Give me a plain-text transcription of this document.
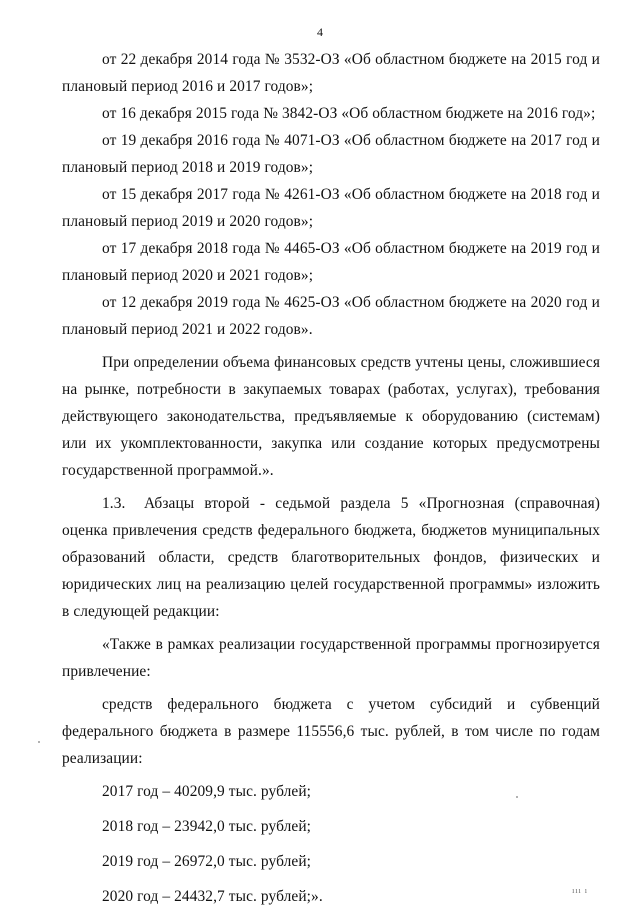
4

от 22 декабря 2014 года № 3532-ОЗ «Об областном бюджете на 2015 год и плановый период 2016 и 2017 годов»;

от 16 декабря 2015 года № 3842-ОЗ «Об областном бюджете на 2016 год»;

от 19 декабря 2016 года № 4071-ОЗ «Об областном бюджете на 2017 год и плановый период 2018 и 2019 годов»;

от 15 декабря 2017 года № 4261-ОЗ «Об областном бюджете на 2018 год и плановый период 2019 и 2020 годов»;

от 17 декабря 2018 года № 4465-ОЗ «Об областном бюджете на 2019 год и плановый период 2020 и 2021 годов»;

от 12 декабря 2019 года № 4625-ОЗ «Об областном бюджете на 2020 год и плановый период 2021 и 2022 годов».

При определении объема финансовых средств учтены цены, сложившиеся на рынке, потребности в закупаемых товарах (работах, услугах), требования действующего законодательства, предъявляемые к оборудованию (системам) или их укомплектованности, закупка или создание которых предусмотрены государственной программой.».

1.3. Абзацы второй - седьмой раздела 5 «Прогнозная (справочная) оценка привлечения средств федерального бюджета, бюджетов муниципальных образований области, средств благотворительных фондов, физических и юридических лиц на реализацию целей государственной программы» изложить в следующей редакции:

«Также в рамках реализации государственной программы прогнозируется привлечение:

средств федерального бюджета с учетом субсидий и субвенций федерального бюджета в размере 115556,6 тыс. рублей, в том числе по годам реализации:

2017 год – 40209,9 тыс. рублей;

2018 год – 23942,0 тыс. рублей;

2019 год – 26972,0 тыс. рублей;

2020 год – 24432,7 тыс. рублей;».	ııı ı
